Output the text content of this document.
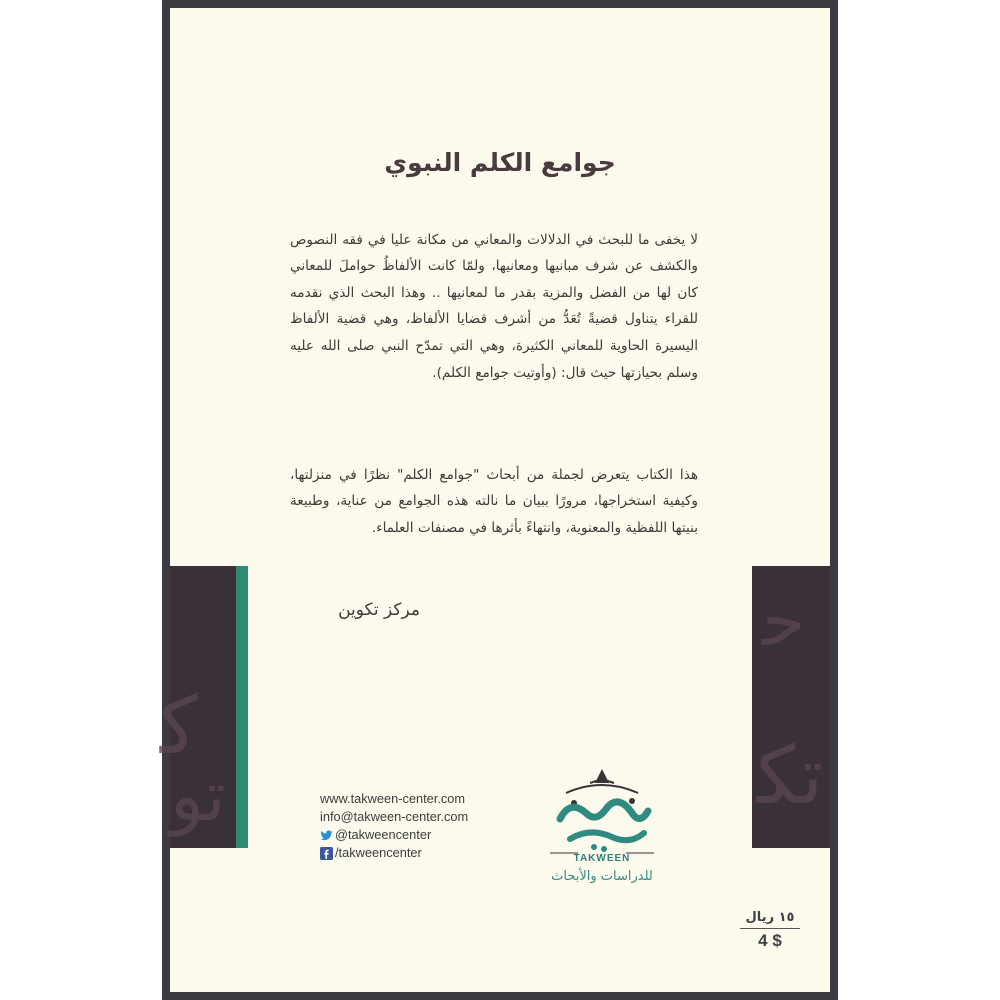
ﻛ
ﺗﻮ
ﺣ
ﺗﻜ
جوامع الكلم النبوي

لا يخفى ما للبحث في الدلالات والمعاني من مكانة عليا في فقه النصوص والكشف عن شرف مبانيها ومعانيها، ولمّا كانت الألفاظُ حواملَ للمعاني كان لها من الفضل والمزية بقدر ما لمعانيها .. وهذا البحث الذي نقدمه للقراء يتناول قضيةً تُعَدُّ من أشرف قضايا الألفاظ، وهي قضية الألفاظ اليسيرة الحاوية للمعاني الكثيرة، وهي التي تمدّح النبي صلى الله عليه وسلم بحيازتها حيث قال: (وأوتيت جوامع الكلم).

هذا الكتاب يتعرض لجملة من أبحاث "جوامع الكلم" نظرًا في منزلتها، وكيفية استخراجها، مرورًا ببيان ما نالته هذه الجوامع من عناية، وطبيعة بنيتها اللفظية والمعنوية، وانتهاءً بأثرها في مصنفات العلماء.

مركز تكوين
www.takween-center.com
info@takween-center.com
@takweencenter
/takweencenter	TAKWEEN
للدراسات والأبحاث
١٥ ريال
4 $
